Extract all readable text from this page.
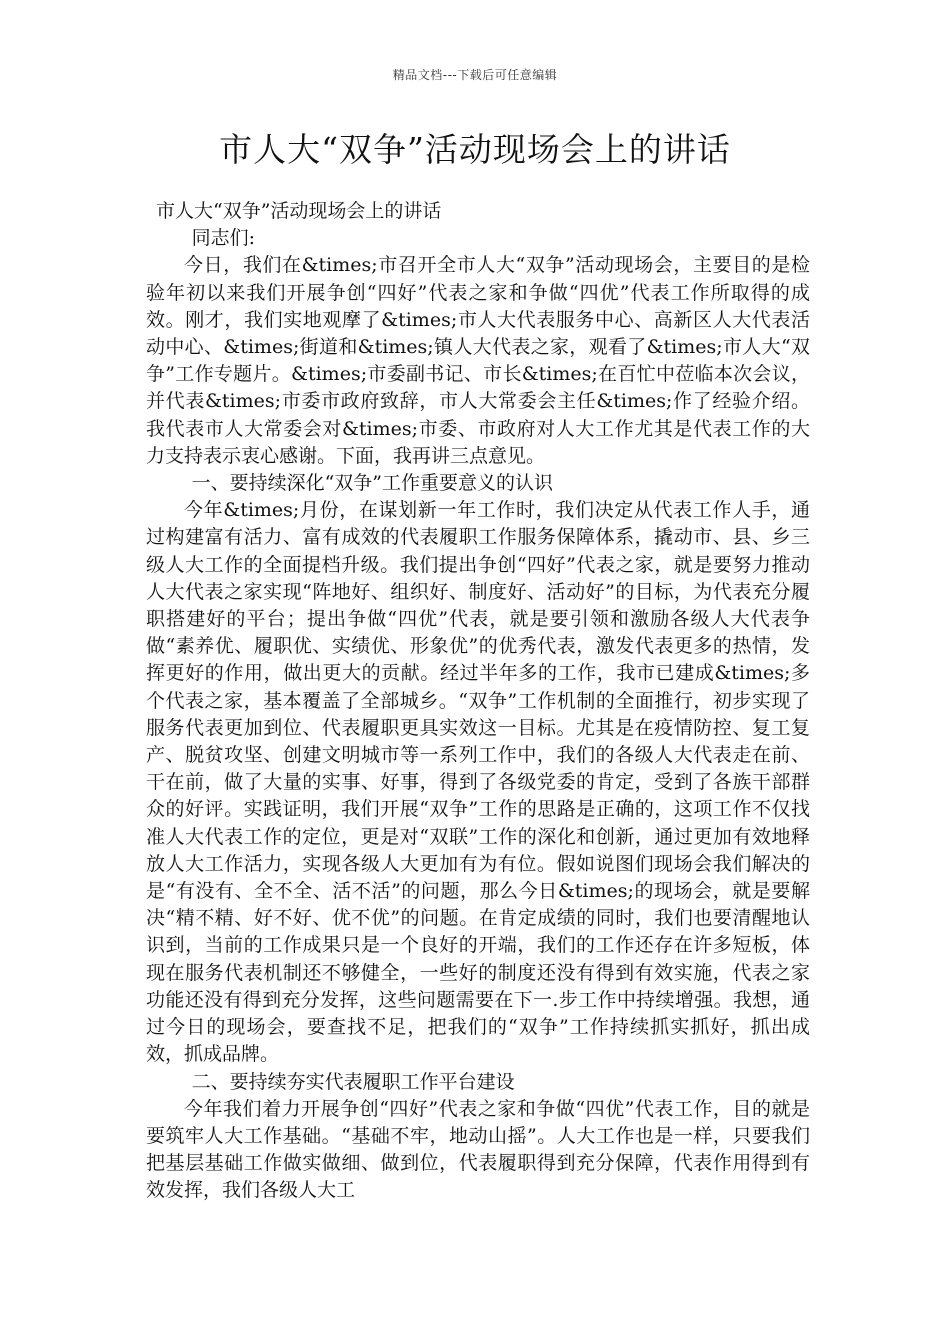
精品文档---下载后可任意编辑
市人大“双争”活动现场会上的讲话

市人大“双争”活动现场会上的讲话

同志们:

今日，我们在&times;市召开全市人大“双争”活动现场会，主要目的是检验年初以来我们开展争创“四好”代表之家和争做“四优”代表工作所取得的成效。刚才，我们实地观摩了&times;市人大代表服务中心、高新区人大代表活动中心、&times;街道和&times;镇人大代表之家，观看了&times;市人大“双争”工作专题片。&times;市委副书记、市长&times;在百忙中莅临本次会议，并代表&times;市委市政府致辞，市人大常委会主任&times;作了经验介绍。我代表市人大常委会对&times;市委、市政府对人大工作尤其是代表工作的大力支持表示衷心感谢。下面，我再讲三点意见。

一、要持续深化“双争”工作重要意义的认识

今年&times;月份，在谋划新一年工作时，我们决定从代表工作人手，通过构建富有活力、富有成效的代表履职工作服务保障体系，撬动市、县、乡三级人大工作的全面提档升级。我们提出争创“四好”代表之家，就是要努力推动人大代表之家实现“阵地好、组织好、制度好、活动好”的目标，为代表充分履职搭建好的平台；提出争做“四优”代表，就是要引领和激励各级人大代表争做“素养优、履职优、实绩优、形象优”的优秀代表，激发代表更多的热情，发挥更好的作用，做出更大的贡献。经过半年多的工作，我市已建成&times;多个代表之家，基本覆盖了全部城乡。“双争”工作机制的全面推行，初步实现了服务代表更加到位、代表履职更具实效这一目标。尤其是在疫情防控、复工复产、脱贫攻坚、创建文明城市等一系列工作中，我们的各级人大代表走在前、干在前，做了大量的实事、好事，得到了各级党委的肯定，受到了各族干部群众的好评。实践证明，我们开展“双争”工作的思路是正确的，这项工作不仅找准人大代表工作的定位，更是对“双联”工作的深化和创新，通过更加有效地释放人大工作活力，实现各级人大更加有为有位。假如说图们现场会我们解决的是“有没有、全不全、活不活”的问题，那么今日&times;的现场会，就是要解决“精不精、好不好、优不优”的问题。在肯定成绩的同时，我们也要清醒地认识到，当前的工作成果只是一个良好的开端，我们的工作还存在许多短板，体现在服务代表机制还不够健全，一些好的制度还没有得到有效实施，代表之家功能还没有得到充分发挥，这些问题需要在下一.步工作中持续增强。我想，通过今日的现场会，要查找不足，把我们的“双争”工作持续抓实抓好，抓出成效，抓成品牌。

二、要持续夯实代表履职工作平台建设

今年我们着力开展争创“四好”代表之家和争做“四优”代表工作，目的就是要筑牢人大工作基础。“基础不牢，地动山摇”。人大工作也是一样，只要我们把基层基础工作做实做细、做到位，代表履职得到充分保障，代表作用得到有效发挥，我们各级人大工
